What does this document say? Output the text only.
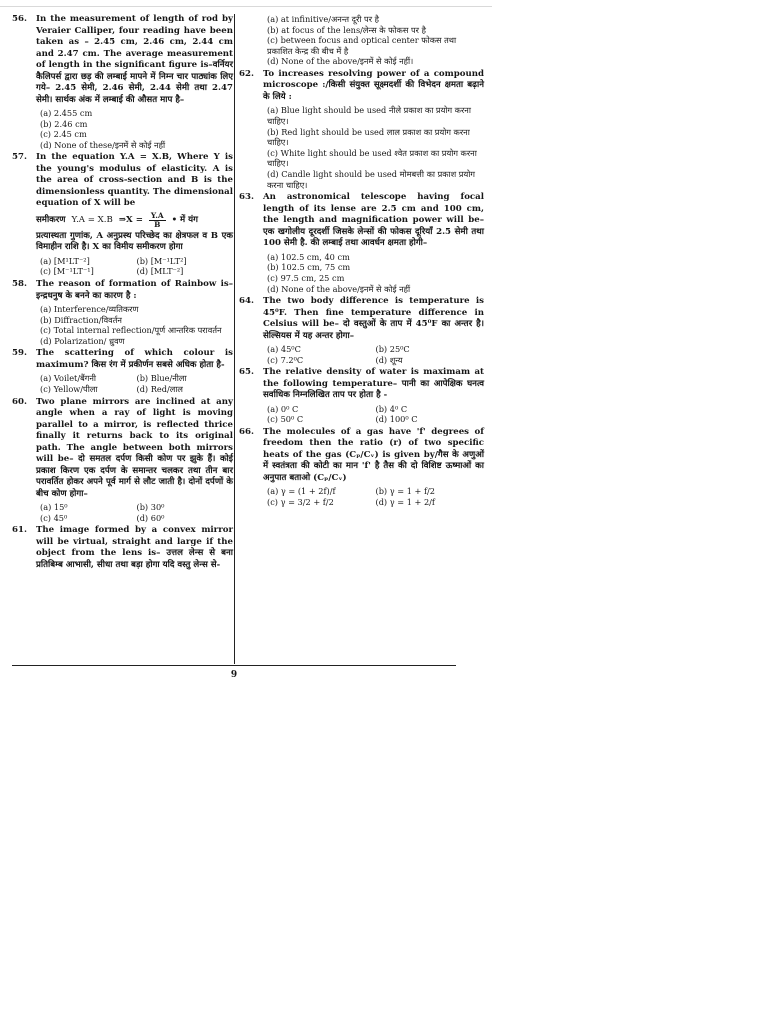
56.	In the measurement of length of rod by Veraier Calliper, four reading have been taken as – 2.45 cm, 2.46 cm, 2.44 cm and 2.47 cm. The average measurement of length in the significant figure is–वर्नियर कैलिपर्स द्वारा छड़ की लम्बाई मापने में निम्न चार पाठ्यांक लिए गये– 2.45 सेमी, 2.46 सेमी, 2.44 सेमी तथा 2.47 सेमी। सार्थक अंक में लम्बाई की औसत माप है–
(a) 2.455 cm
(b) 2.46 cm
(c) 2.45 cm
(d) None of these/इनमें से कोई नहीं
57.	In the equation Y.A = X.B, Where Y is the young's modulus of elasticity. A is the area of cross-section and B is the dimensionless quantity. The dimensional equation of X will be
समीकरण Y.A = X.B ⇒X = $\frac{Y.A}{B}$ • में यंग
प्रत्यास्थता गुणांक, A अनुप्रस्थ परिच्छेद का क्षेत्रफल व B एक विमाहीन राशि है। X का विमीय समीकरण होगा
(a) [M¹LT⁻²]	(b) [M⁻¹LT²]
(c) [M⁻¹LT⁻¹]	(d) [MLT⁻²]
58.	The reason of formation of Rainbow is– इन्द्रधनुष के बनने का कारण है :
(a) Interference/व्यतिकरण
(b) Diffraction/विवर्तन
(c) Total internal reflection/पूर्ण आन्तरिक परावर्तन
(d) Polarization/ ध्रुवण
59.	The scattering of which colour is maximum? किस रंग में प्रकीर्णन सबसे अधिक होता है-
(a) Voilet/बैंगनी	(b) Blue/नीला
(c) Yellow/पीला	(d) Red/लाल
60.	Two plane mirrors are inclined at any angle when a ray of light is moving parallel to a mirror, is reflected thrice finally it returns back to its original path. The angle between both mirrors will be– दो समतल दर्पण किसी कोण पर झुके हैं। कोई प्रकाश किरण एक दर्पण के समान्तर चलकर तथा तीन बार परावर्तित होकर अपने पूर्व मार्ग से लौट जाती है। दोनों दर्पणों के बीच कोण होगा–
(a) 15⁰	(b) 30⁰
(c) 45⁰	(d) 60⁰
61.	The image formed by a convex mirror will be virtual, straight and large if the object from the lens is– उत्तल लेन्स से बना प्रतिबिम्ब आभासी, सीधा तथा बड़ा होगा यदि वस्तु लेन्स से-
(a) at infinitive/अनन्त दूरी पर है
(b) at focus of the lens/लेन्स के फोकस पर है
(c) between focus and optical center फोकस तथा प्रकाशित केन्द्र की बीच में है
(d) None of the above/इनमें से कोई नहीं।
62.	To increases resolving power of a compound microscope :/किसी संयुक्त सूक्ष्मदर्शी की विभेदन क्षमता बढ़ाने के लिये :
(a) Blue light should be used नीले प्रकाश का प्रयोग करना चाहिए।
(b) Red light should be used लाल प्रकाश का प्रयोग करना चाहिए।
(c) White light should be used श्वेत प्रकाश का प्रयोग करना चाहिए।
(d) Candle light should be used मोमबत्ती का प्रकाश प्रयोग करना चाहिए।
63.	An astronomical telescope having focal length of its lense are 2.5 cm and 100 cm, the length and magnification power will be– एक खगोलीय दूरदर्शी जिसके लेन्सों की फोकस दूरियाँ 2.5 सेमी तथा 100 सेमी है. की लम्बाई तथा आवर्धन क्षमता होगी–
(a) 102.5 cm, 40 cm
(b) 102.5 cm, 75 cm
(c) 97.5 cm, 25 cm
(d) None of the above/इनमें से कोई नहीं
64.	The two body difference is temperature is 45⁰F. Then fine temperature difference in Celsius will be– दो वस्तुओं के ताप में 45⁰F का अन्तर है। सेल्सियस में यह अन्तर होगा–
(a) 45⁰C	(b) 25⁰C
(c) 7.2⁰C	(d) शून्य
65.	The relative density of water is maximam at the following temperature– पानी का आपेक्षिक घनत्व सर्वाधिक निम्नलिखित ताप पर होता है -
(a) 0⁰ C	(b) 4⁰ C
(c) 50⁰ C	(d) 100⁰ C
66.	The molecules of a gas have 'f' degrees of freedom then the ratio (r) of two specific heats of the gas (Cₚ/Cᵥ) is given by/गैस के अणुओं में स्वतंत्रता की कोटी का मान 'f' है तैस की दो विशिष्ट ऊष्माओं का अनुपात बताओ (Cₚ/Cᵥ)
(a) γ = (1 + 2f)/f	(b) γ = 1 + f/2
(c) γ = 3/2 + f/2	(d) γ = 1 + 2/f
9
